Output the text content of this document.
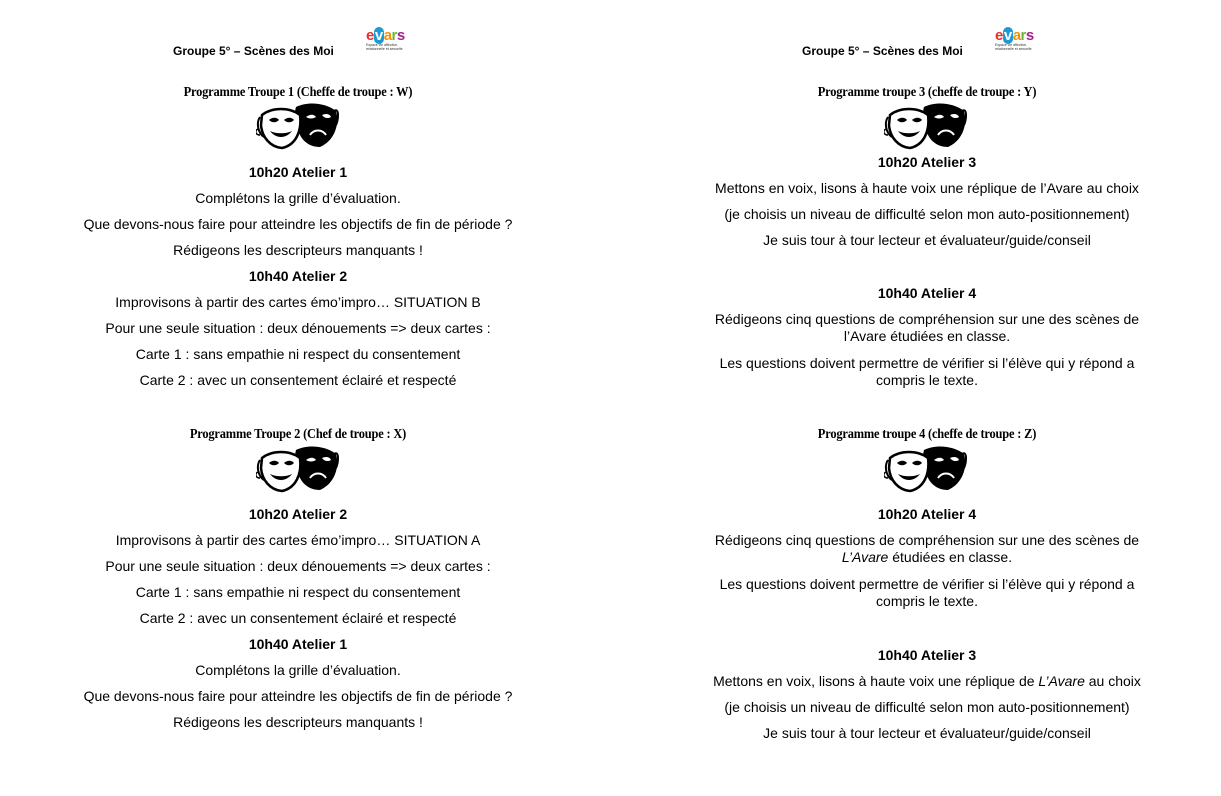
Groupe 5° – Scènes des Moi
evars
Espace vie affective, relationnelle et sexuelle
Programme Troupe 1 (Cheffe de troupe : W)
10h20 Atelier 1
Complétons la grille d’évaluation.
Que devons-nous faire pour atteindre les objectifs de fin de période ?
Rédigeons les descripteurs manquants !
10h40 Atelier 2
Improvisons à partir des cartes émo’impro… SITUATION B
Pour une seule situation : deux dénouements => deux cartes :
Carte 1 : sans empathie ni respect du consentement
Carte 2 : avec un consentement éclairé et respecté
Programme Troupe 2 (Chef de troupe : X)
10h20 Atelier 2
Improvisons à partir des cartes émo’impro… SITUATION A
Pour une seule situation : deux dénouements => deux cartes :
Carte 1 : sans empathie ni respect du consentement
Carte 2 : avec un consentement éclairé et respecté
10h40 Atelier 1
Complétons la grille d’évaluation.
Que devons-nous faire pour atteindre les objectifs de fin de période ?
Rédigeons les descripteurs manquants !
Groupe 5° – Scènes des Moi
evars
Espace vie affective, relationnelle et sexuelle
Programme troupe 3 (cheffe de troupe : Y)
10h20 Atelier 3
Mettons en voix, lisons à haute voix une réplique de l’Avare au choix
(je choisis un niveau de difficulté selon mon auto-positionnement)
Je suis tour à tour lecteur et évaluateur/guide/conseil
10h40 Atelier 4
Rédigeons cinq questions de compréhension sur une des scènes de l’Avare étudiées en classe.
Les questions doivent permettre de vérifier si l’élève qui y répond a compris le texte.
Programme troupe 4 (cheffe de troupe : Z)
10h20 Atelier 4
Rédigeons cinq questions de compréhension sur une des scènes de L’Avare étudiées en classe.
Les questions doivent permettre de vérifier si l’élève qui y répond a compris le texte.
10h40 Atelier 3
Mettons en voix, lisons à haute voix une réplique de L’Avare au choix
(je choisis un niveau de difficulté selon mon auto-positionnement)
Je suis tour à tour lecteur et évaluateur/guide/conseil
